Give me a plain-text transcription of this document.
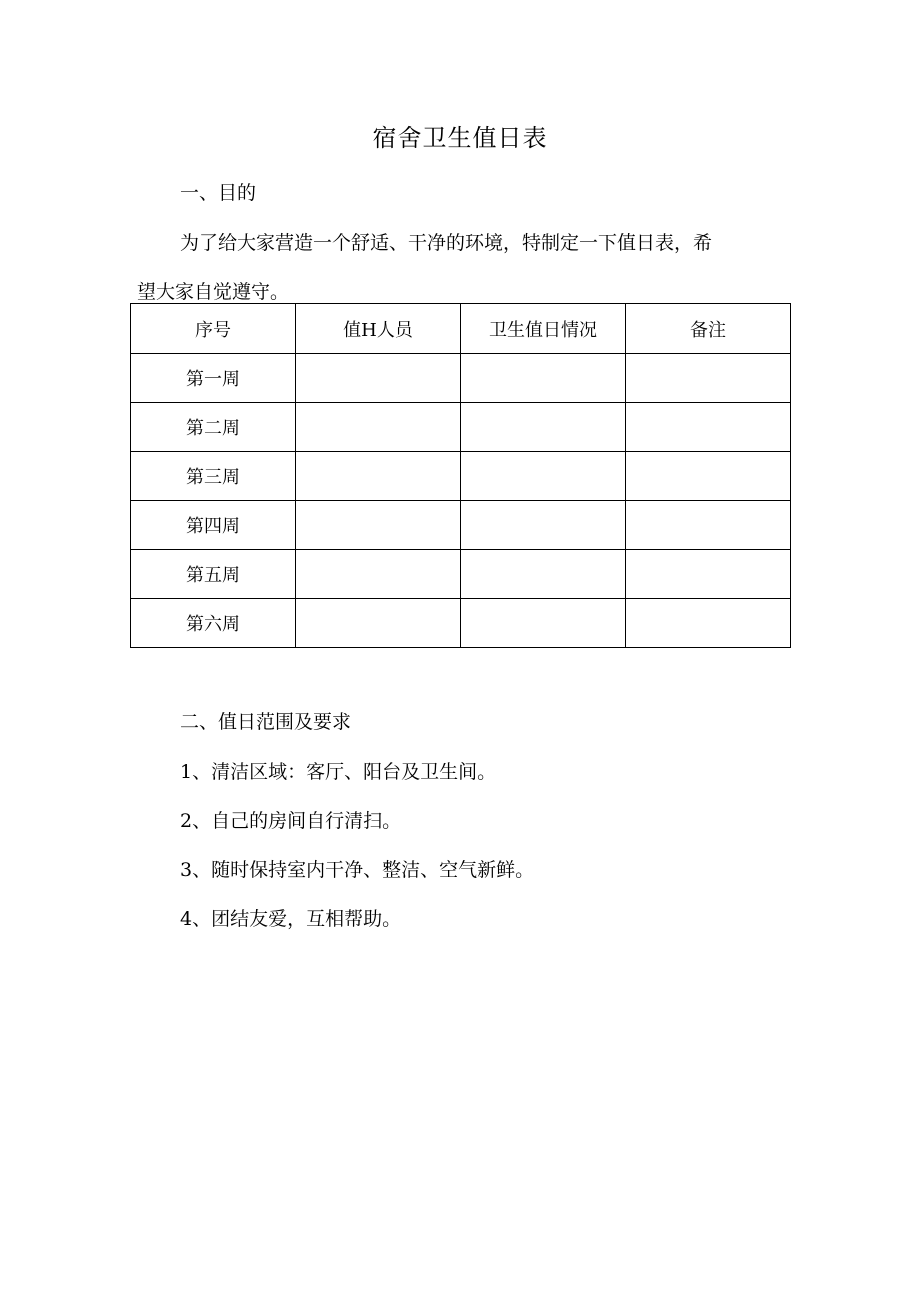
宿舍卫生值日表
一、目的
为了给大家营造一个舒适、干净的环境，特制定一下值日表，希
望大家自觉遵守。
序号	值H人员	卫生值日情况	备注
第一周			
第二周			
第三周			
第四周			
第五周			
第六周			
二、值日范围及要求
1、清洁区域：客厅、阳台及卫生间。
2、自己的房间自行清扫。
3、随时保持室内干净、整洁、空气新鲜。
4、团结友爱，互相帮助。
